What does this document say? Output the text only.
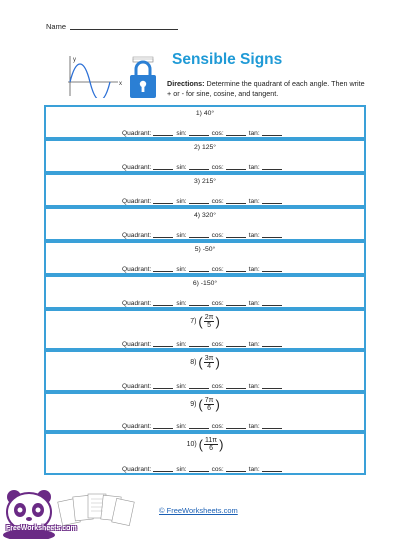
Name
y
x
Sensible Signs
Directions: Determine the quadrant of each angle. Then write + or - for sine, cosine, and tangent.
1) 40°
Quadrant:	sin:	cos:	tan:
2) 125°
Quadrant:	sin:	cos:	tan:
3) 215°
Quadrant:	sin:	cos:	tan:
4) 320°
Quadrant:	sin:	cos:	tan:
5) -50°
Quadrant:	sin:	cos:	tan:
6) -150°
Quadrant:	sin:	cos:	tan:
7)
( $\frac{2\pi}{5}$ )
Quadrant:	sin:	cos:	tan:
8)
( $\frac{3\pi}{4}$ )
Quadrant:	sin:	cos:	tan:
9)
( $\frac{7\pi}{6}$ )
Quadrant:	sin:	cos:	tan:
10)
( $\frac{11\pi}{6}$ )
Quadrant:	sin:	cos:	tan:
FreeWorksheets.com
© FreeWorksheets.com
